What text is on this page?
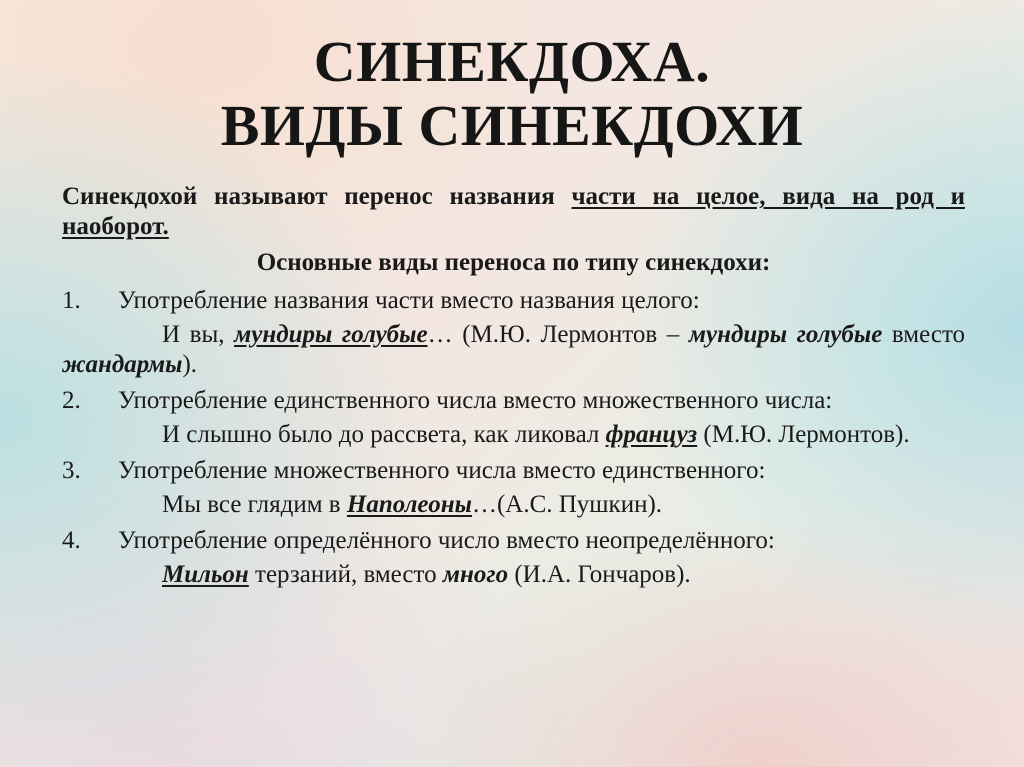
СИНЕКДОХА.
ВИДЫ СИНЕКДОХИ

Синекдохой называют перенос названия части на целое, вида на род и наоборот.

Основные виды переноса по типу синекдохи:

1. Употребление названия части вместо названия целого:

И вы, мундиры голубые… (М.Ю. Лермонтов – мундиры голубые вместо жандармы).

2. Употребление единственного числа вместо множественного числа:

И слышно было до рассвета, как ликовал француз (М.Ю. Лермонтов).

3. Употребление множественного числа вместо единственного:

Мы все глядим в Наполеоны…(А.С. Пушкин).

4. Употребление определённого число вместо неопределённого:

Мильон терзаний, вместо много (И.А. Гончаров).
